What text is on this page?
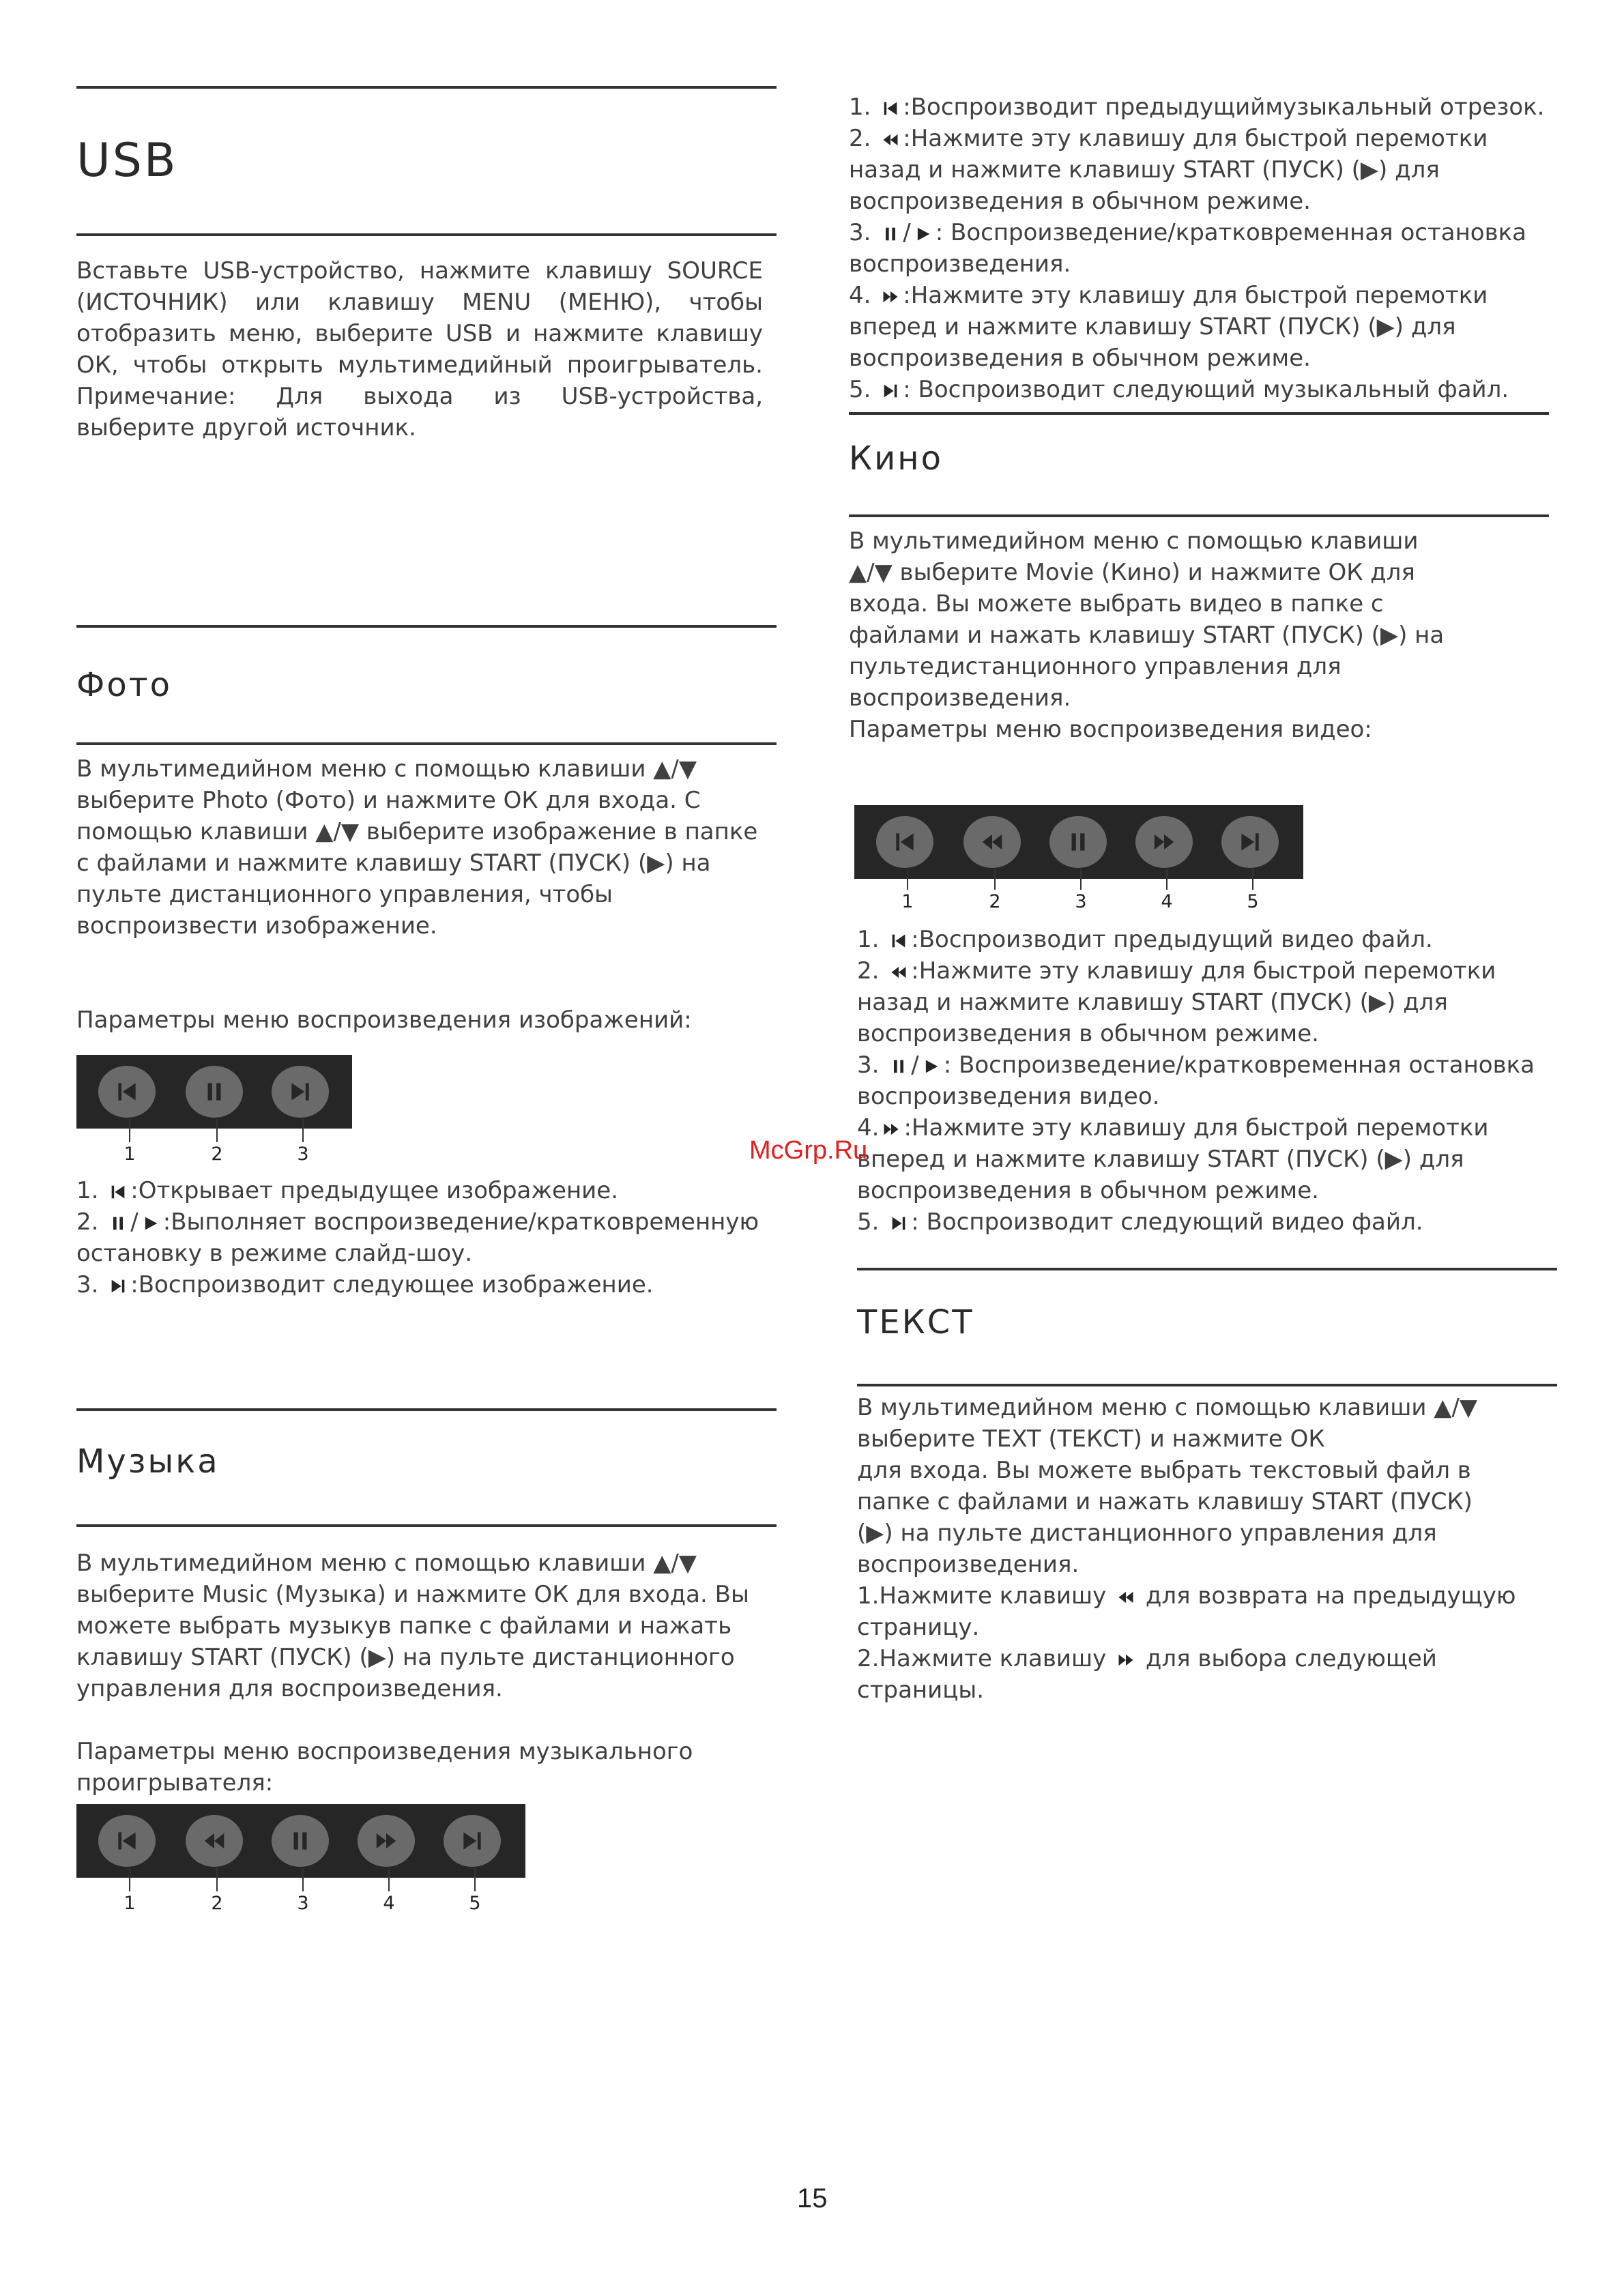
USB

Вставьте USB-устройство, нажмите клавишу SOURCE

(ИСТОЧНИК) или клавишу MENU (МЕНЮ), чтобы

отобразить меню, выберите USB и нажмите клавишу

ОК, чтобы открыть мультимедийный проигрыватель.

Примечание: Для выхода из USB-устройства,

выберите другой источник.

Фото

В мультимедийном меню с помощью клавиши ▲/▼

выберите Photo (Фото) и нажмите ОК для входа. С

помощью клавиши ▲/▼ выберите изображение в папке

с файлами и нажмите клавишу START (ПУСК) (▶) на

пульте дистанционного управления, чтобы

воспроизвести изображение.

Параметры меню воспроизведения изображений:
1	2	3

1. :Открывает предыдущее изображение.

2. / :Выполняет воспроизведение/кратковременную

остановку в режиме слайд-шоу.

3. :Воспроизводит следующее изображение.

Музыка

В мультимедийном меню с помощью клавиши ▲/▼

выберите Music (Музыка) и нажмите ОК для входа. Вы

можете выбрать музыкув папке с файлами и нажать

клавишу START (ПУСК) (▶) на пульте дистанционного

управления для воспроизведения.

Параметры меню воспроизведения музыкального

проигрывателя:

1	2	3	4	5

1. :Воспроизводит предыдущиймузыкальный отрезок.

2. :Нажмите эту клавишу для быстрой перемотки

назад и нажмите клавишу START (ПУСК) (▶) для

воспроизведения в обычном режиме.

3. / : Воспроизведение/кратковременная остановка

воспроизведения.

4. :Нажмите эту клавишу для быстрой перемотки

вперед и нажмите клавишу START (ПУСК) (▶) для

воспроизведения в обычном режиме.

5. : Воспроизводит следующий музыкальный файл.

Кино

В мультимедийном меню с помощью клавиши

▲/▼ выберите Movie (Кино) и нажмите ОК для

входа. Вы можете выбрать видео в папке с

файлами и нажать клавишу START (ПУСК) (▶) на

пультедистанционного управления для

воспроизведения.

Параметры меню воспроизведения видео:

1	2	3	4	5

1. :Воспроизводит предыдущий видео файл.

2. :Нажмите эту клавишу для быстрой перемотки

назад и нажмите клавишу START (ПУСК) (▶) для

воспроизведения в обычном режиме.

3. / : Воспроизведение/кратковременная остановка

воспроизведения видео.

4. :Нажмите эту клавишу для быстрой перемотки

вперед и нажмите клавишу START (ПУСК) (▶) для

воспроизведения в обычном режиме.

5. : Воспроизводит следующий видео файл.

ТЕКСТ

В мультимедийном меню с помощью клавиши ▲/▼

выберите TEXT (ТЕКСТ) и нажмите ОК

для входа. Вы можете выбрать текстовый файл в

папке с файлами и нажать клавишу START (ПУСК)

(▶) на пульте дистанционного управления для

воспроизведения.

1.Нажмите клавишу для возврата на предыдущую

страницу.

2.Нажмите клавишу для выбора следующей

страницы.

McGrp.Ru
15
